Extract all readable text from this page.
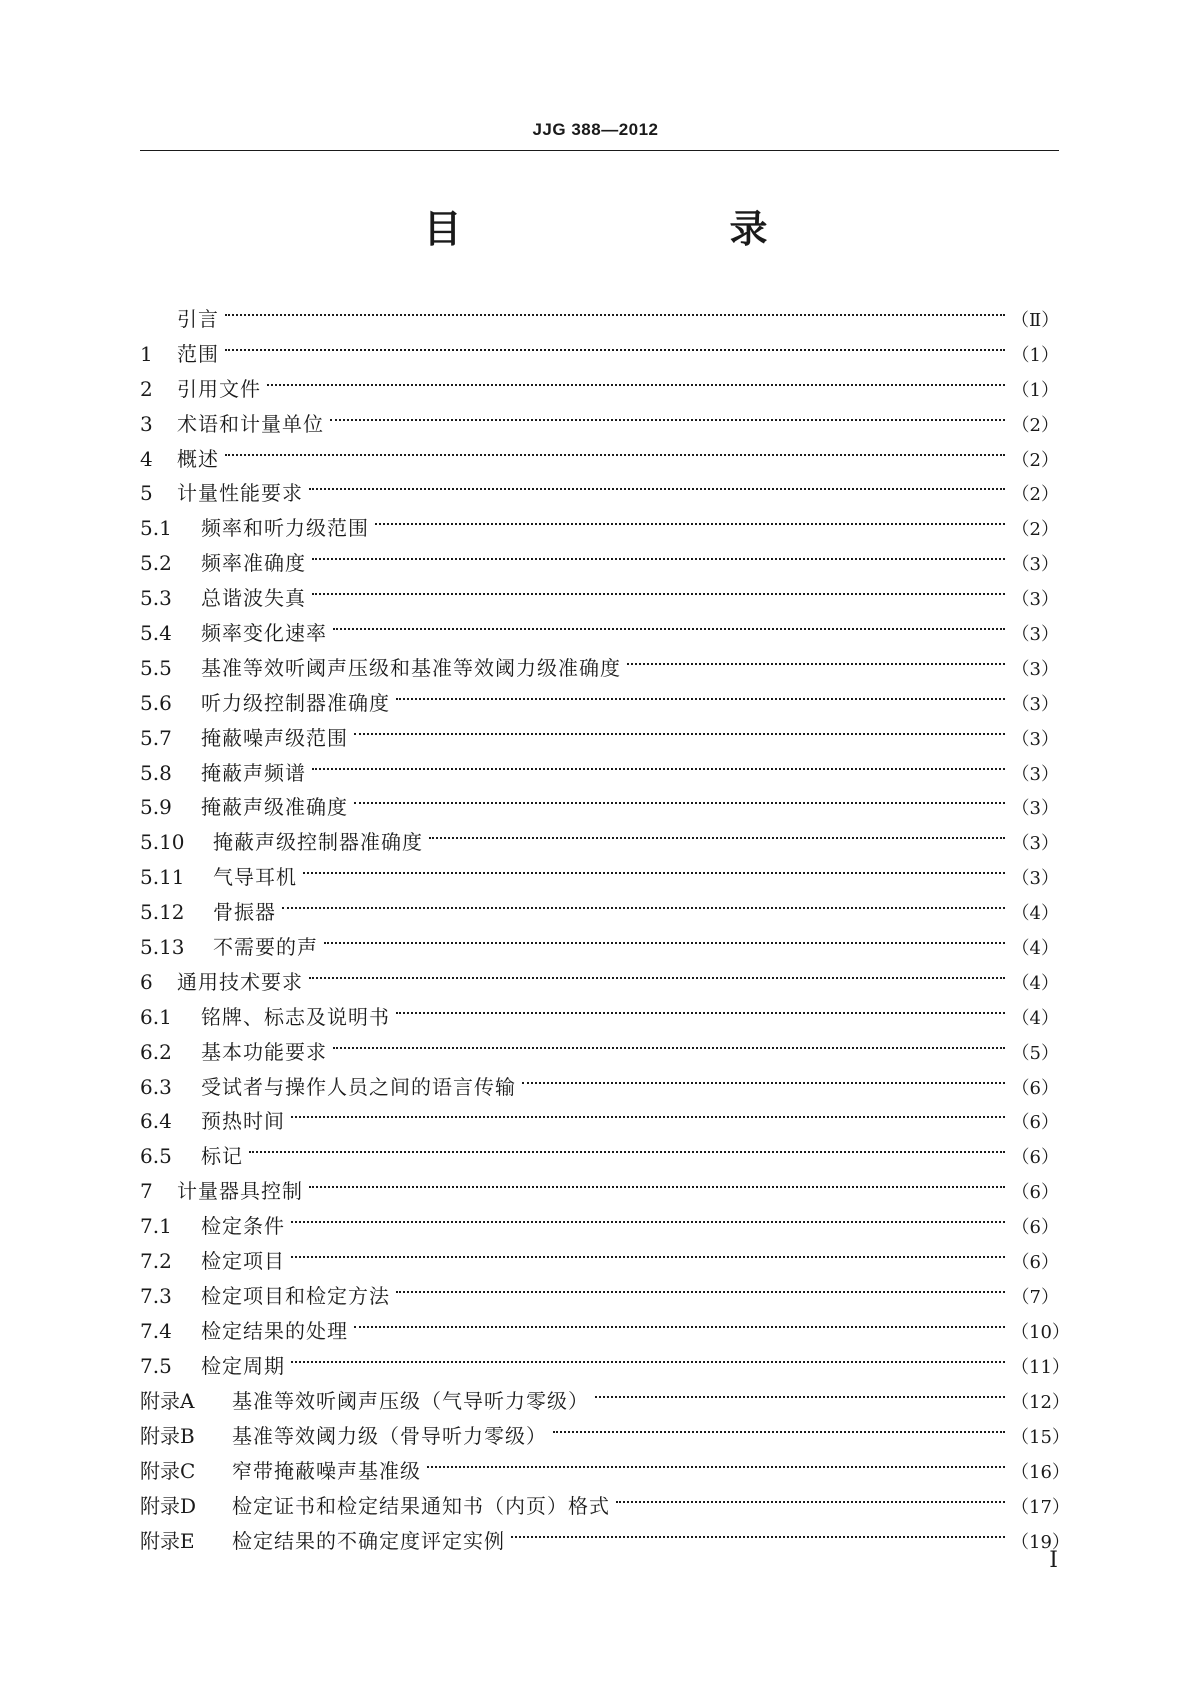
JJG 388—2012
目　　录
引言	（Ⅱ）
1	范围	（1）
2	引用文件	（1）
3	术语和计量单位	（2）
4	概述	（2）
5	计量性能要求	（2）
5.1	频率和听力级范围	（2）
5.2	频率准确度	（3）
5.3	总谐波失真	（3）
5.4	频率变化速率	（3）
5.5	基准等效听阈声压级和基准等效阈力级准确度	（3）
5.6	听力级控制器准确度	（3）
5.7	掩蔽噪声级范围	（3）
5.8	掩蔽声频谱	（3）
5.9	掩蔽声级准确度	（3）
5.10	掩蔽声级控制器准确度	（3）
5.11	气导耳机	（3）
5.12	骨振器	（4）
5.13	不需要的声	（4）
6	通用技术要求	（4）
6.1	铭牌、标志及说明书	（4）
6.2	基本功能要求	（5）
6.3	受试者与操作人员之间的语言传输	（6）
6.4	预热时间	（6）
6.5	标记	（6）
7	计量器具控制	（6）
7.1	检定条件	（6）
7.2	检定项目	（6）
7.3	检定项目和检定方法	（7）
7.4	检定结果的处理	（10）
7.5	检定周期	（11）
附录A	基准等效听阈声压级（气导听力零级）	（12）
附录B	基准等效阈力级（骨导听力零级）	（15）
附录C	窄带掩蔽噪声基准级	（16）
附录D	检定证书和检定结果通知书（内页）格式	（17）
附录E	检定结果的不确定度评定实例	（19）
Ⅰ
